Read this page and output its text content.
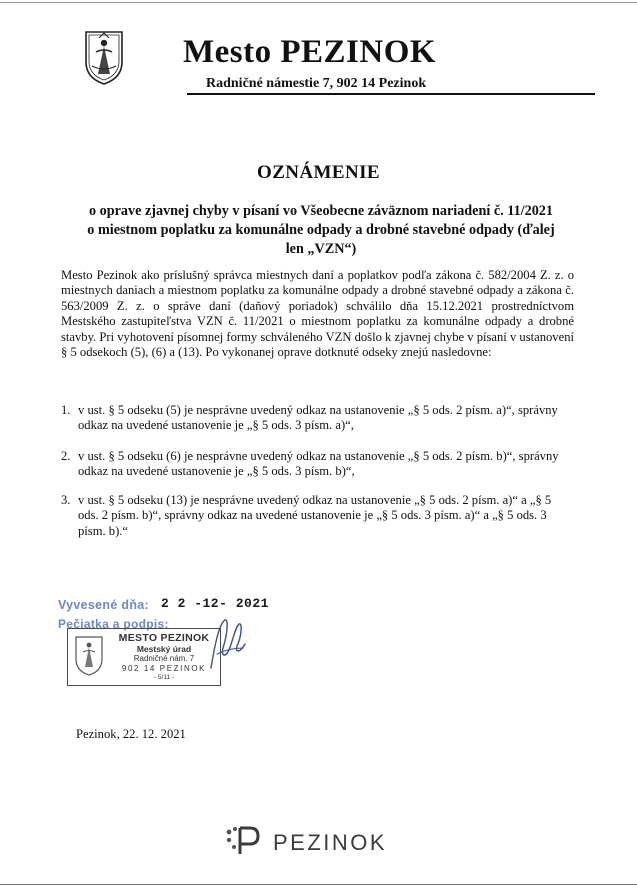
Mesto PEZINOK
Radničné námestie 7, 902 14 Pezinok
OZNÁMENIE
o oprave zjavnej chyby v písaní vo Všeobecne záväznom nariadení č. 11/2021
o miestnom poplatku za komunálne odpady a drobné stavebné odpady (ďalej
len „VZN“)
Mesto Pezinok ako príslušný správca miestnych daní a poplatkov podľa zákona č. 582/2004 Z. z. o miestnych daniach a miestnom poplatku za komunálne odpady a drobné stavebné odpady a zákona č. 563/2009 Z. z. o správe daní (daňový poriadok) schválilo dňa 15.12.2021 prostredníctvom Mestského zastupiteľstva VZN č. 11/2021 o miestnom poplatku za komunálne odpady a drobné stavby. Pri vyhotovení písomnej formy schváleného VZN došlo k zjavnej chybe v písaní v ustanovení § 5 odsekoch (5), (6) a (13). Po vykonanej oprave dotknuté odseky znejú nasledovne:
1. v ust. § 5 odseku (5) je nesprávne uvedený odkaz na ustanovenie „§ 5 ods. 2 písm. a)“, správny odkaz na uvedené ustanovenie je „§ 5 ods. 3 písm. a)“,
2. v ust. § 5 odseku (6) je nesprávne uvedený odkaz na ustanovenie „§ 5 ods. 2 písm. b)“, správny odkaz na uvedené ustanovenie je „§ 5 ods. 3 písm. b)“,
3. v ust. § 5 odseku (13) je nesprávne uvedený odkaz na ustanovenie „§ 5 ods. 2 písm. a)“ a „§ 5 ods. 2 písm. b)“, správny odkaz na uvedené ustanovenie je „§ 5 ods. 3 písm. a)“ a „§ 5 ods. 3 písm. b).“
Vyvesené dňa: 2 2 -12- 2021
Pečiatka a podpis:
MESTO PEZINOK
Mestský úrad
Radničné nám. 7
902 14 PEZINOK
- 5/11 -
Pezinok, 22. 12. 2021
PEZINOK
